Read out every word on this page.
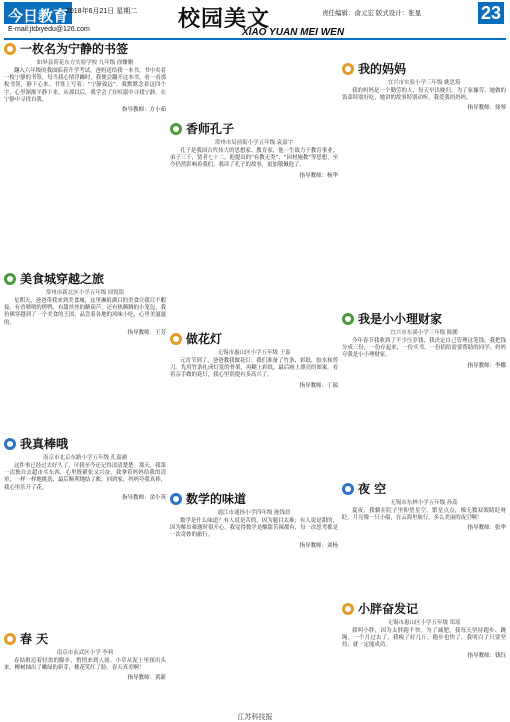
今日教育
2018年6月21日 星期二
E-mail:jtdxyedu@126.com	校园美文
XIAO YUAN MEI WEN
责任编辑：俞元宏 版式设计：张显	23
一枚名为宁静的书签
如皋县荷花东方实验学校 九年级 徐姗姗
翻入六年级的我面临着升学考试，爸妈送给我一本书，书中夹着一枚宁静的书签。每当我心情浮躁时，我便会翻开这本书，看一看那枚书签，静下心来。书签上写着：“宁静致远”。我默默念着这四个字，心里渐渐平静下来。从那以后，我学会了在喧嚣中寻找宁静，在宁静中寻找自我。
指导教师：方小茹
美食城穿越之旅
常州市新北区小学五年级 周锐铭
星期天，爸爸带我来到美食城，这里琳琅满目的美食让我目不暇接。有香喷喷的烤鸭，有甜丝丝的糖葫芦，还有热腾腾的小笼包。我仿佛穿越到了一个美食的王国，品尝着各地的风味小吃，心里美滋滋的。
指导教师：王芳
我真棒哦
南京市北京东路小学五年级 孔嘉涵
这件事已经过去好久了，可我至今还记得清清楚楚。那天，我第一次独自去超市买东西，心里既紧张又兴奋。我拿着妈妈给我的清单，一样一样地挑选，最后顺利地结了账。回到家，妈妈夸我真棒，我心里乐开了花。
指导教师：余小英
春 天
南京市玄武区小学 李莉
春姑娘迈着轻盈的脚步，悄悄来到人间。小草从泥土里探出头来，柳树抽出了嫩绿的新芽，桃花笑红了脸。春天真美啊！
指导教师：黄新
香师孔子
常州市局前街小学五年级 袁嘉宇
孔子是我国古代伟大的思想家、教育家，他一生致力于教育事业，弟子三千，贤者七十二。他提出的“有教无类”、“因材施教”等思想，至今仍然影响着我们。我读了孔子的故事，更加敬佩他了。
指导教师：杨华
做花灯
无锡市惠山区小学五年级 于嘉
元宵节到了，爸爸教我做花灯。我们准备了竹条、彩纸、胶水和剪刀。先用竹条扎成灯笼的骨架，再糊上彩纸，最后画上漂亮的图案。看着亲手做的花灯，我心里别提有多高兴了。
指导教师：丁瑞
数学的味道
通江市通扬小学四年级 施钱晨
数学是什么味道？有人说是苦的，因为题目太难；有人说是甜的，因为解出难题时很开心。我觉得数学是酸甜苦辣都有，每一次思考都是一次奇妙的旅行。
指导教师：刘杨
我的妈妈
宜兴市实验小学三年级 姚思筠
我的妈妈是一个勤劳的人，每天早出晚归，为了家操劳。她做的饭菜特别好吃，她讲的故事特别动听。我爱我的妈妈。
指导教师：徐琴
我是小小理财家
宜兴市东溪小学三年级 陈鹏
今年春节我收到了不少压岁钱，我决定自己管理这笔钱。我把钱分成三份，一份存起来，一份买书，一份捐给需要帮助的同学。妈妈夸我是小小理财家。
指导教师：李娜
夜 空
无锡市东林小学五年级 孙蕊
夏夜，我躺在院子里仰望星空。繁星点点，像无数双眼睛眨呀眨。月亮像一只小船，在云海里航行。多么美丽的夜空啊！
指导教师：张华
小胖奋发记
无锡市惠山区小学五年级 郑瑶
我叫小胖，因为太胖跑不快。为了减肥，我每天坚持跑步、跳绳。一个月过去了，我瘦了好几斤，跑步也快了。我明白了只要坚持，就一定能成功。
指导教师：钱钰
江苏科技报
